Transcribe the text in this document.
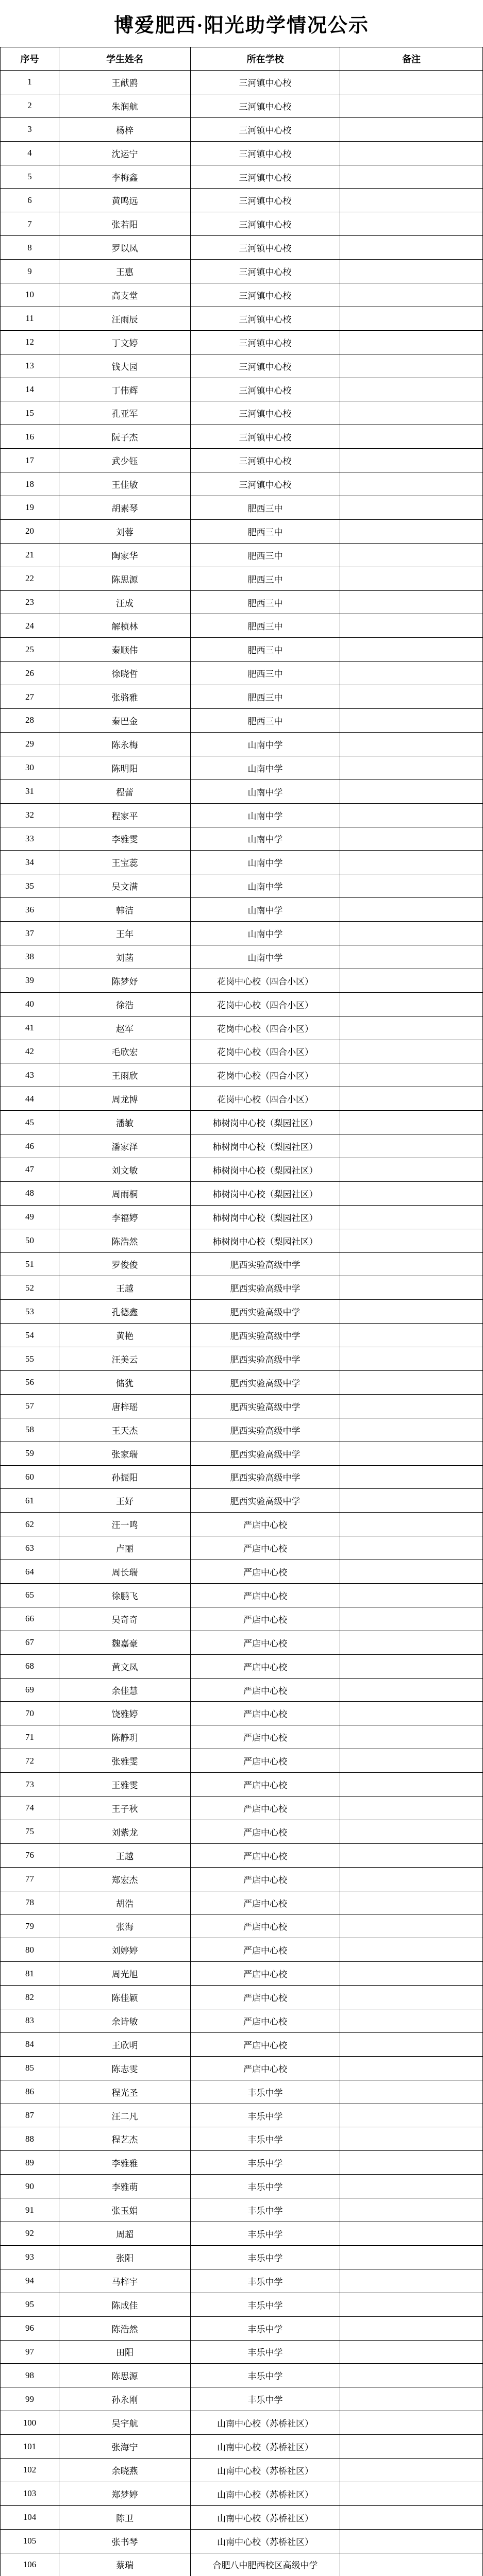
博爱肥西·阳光助学情况公示
序号	学生姓名	所在学校	备注
1	王献鸥	三河镇中心校
2	朱润航	三河镇中心校
3	杨梓	三河镇中心校
4	沈运宁	三河镇中心校
5	李梅鑫	三河镇中心校
6	黄鸣远	三河镇中心校
7	张若阳	三河镇中心校
8	罗以凤	三河镇中心校
9	王惠	三河镇中心校
10	高支堂	三河镇中心校
11	汪雨辰	三河镇中心校
12	丁文婷	三河镇中心校
13	钱大园	三河镇中心校
14	丁伟辉	三河镇中心校
15	孔亚军	三河镇中心校
16	阮子杰	三河镇中心校
17	武少钰	三河镇中心校
18	王佳敏	三河镇中心校
19	胡素琴	肥西三中
20	刘蓉	肥西三中
21	陶家华	肥西三中
22	陈思源	肥西三中
23	汪成	肥西三中
24	解桢林	肥西三中
25	秦顺伟	肥西三中
26	徐晓哲	肥西三中
27	张骆雅	肥西三中
28	秦巴金	肥西三中
29	陈永梅	山南中学
30	陈明阳	山南中学
31	程蕾	山南中学
32	程家平	山南中学
33	李雅雯	山南中学
34	王宝蕊	山南中学
35	吴文满	山南中学
36	韩洁	山南中学
37	王年	山南中学
38	刘菡	山南中学
39	陈梦妤	花岗中心校（四合小区）
40	徐浩	花岗中心校（四合小区）
41	赵军	花岗中心校（四合小区）
42	毛欣宏	花岗中心校（四合小区）
43	王雨欣	花岗中心校（四合小区）
44	周龙博	花岗中心校（四合小区）
45	潘敏	柿树岗中心校（梨园社区）
46	潘家泽	柿树岗中心校（梨园社区）
47	刘文敏	柿树岗中心校（梨园社区）
48	周雨桐	柿树岗中心校（梨园社区）
49	李福婷	柿树岗中心校（梨园社区）
50	陈浩然	柿树岗中心校（梨园社区）
51	罗俊俊	肥西实验高级中学
52	王越	肥西实验高级中学
53	孔德鑫	肥西实验高级中学
54	黄艳	肥西实验高级中学
55	汪美云	肥西实验高级中学
56	储犹	肥西实验高级中学
57	唐梓瑶	肥西实验高级中学
58	王天杰	肥西实验高级中学
59	张家瑞	肥西实验高级中学
60	孙振阳	肥西实验高级中学
61	王好	肥西实验高级中学
62	汪一鸣	严店中心校
63	卢丽	严店中心校
64	周长瑞	严店中心校
65	徐鹏飞	严店中心校
66	吴奇奇	严店中心校
67	魏嘉豪	严店中心校
68	黄文凤	严店中心校
69	余佳慧	严店中心校
70	饶雅婷	严店中心校
71	陈静玥	严店中心校
72	张雅雯	严店中心校
73	王雅雯	严店中心校
74	王子秋	严店中心校
75	刘紫龙	严店中心校
76	王越	严店中心校
77	郑宏杰	严店中心校
78	胡浩	严店中心校
79	张海	严店中心校
80	刘婷婷	严店中心校
81	周光旭	严店中心校
82	陈佳颖	严店中心校
83	余诗敏	严店中心校
84	王欣明	严店中心校
85	陈志雯	严店中心校
86	程光圣	丰乐中学
87	汪二凡	丰乐中学
88	程艺杰	丰乐中学
89	李雅雅	丰乐中学
90	李雅萌	丰乐中学
91	张玉娟	丰乐中学
92	周超	丰乐中学
93	张阳	丰乐中学
94	马梓宇	丰乐中学
95	陈成佳	丰乐中学
96	陈浩然	丰乐中学
97	田阳	丰乐中学
98	陈思源	丰乐中学
99	孙永刚	丰乐中学
100	吴宇航	山南中心校（苏桥社区）
101	张海宁	山南中心校（苏桥社区）
102	余晓燕	山南中心校（苏桥社区）
103	郑梦婷	山南中心校（苏桥社区）
104	陈卫	山南中心校（苏桥社区）
105	张书琴	山南中心校（苏桥社区）
106	蔡瑞	合肥八中肥西校区高级中学
